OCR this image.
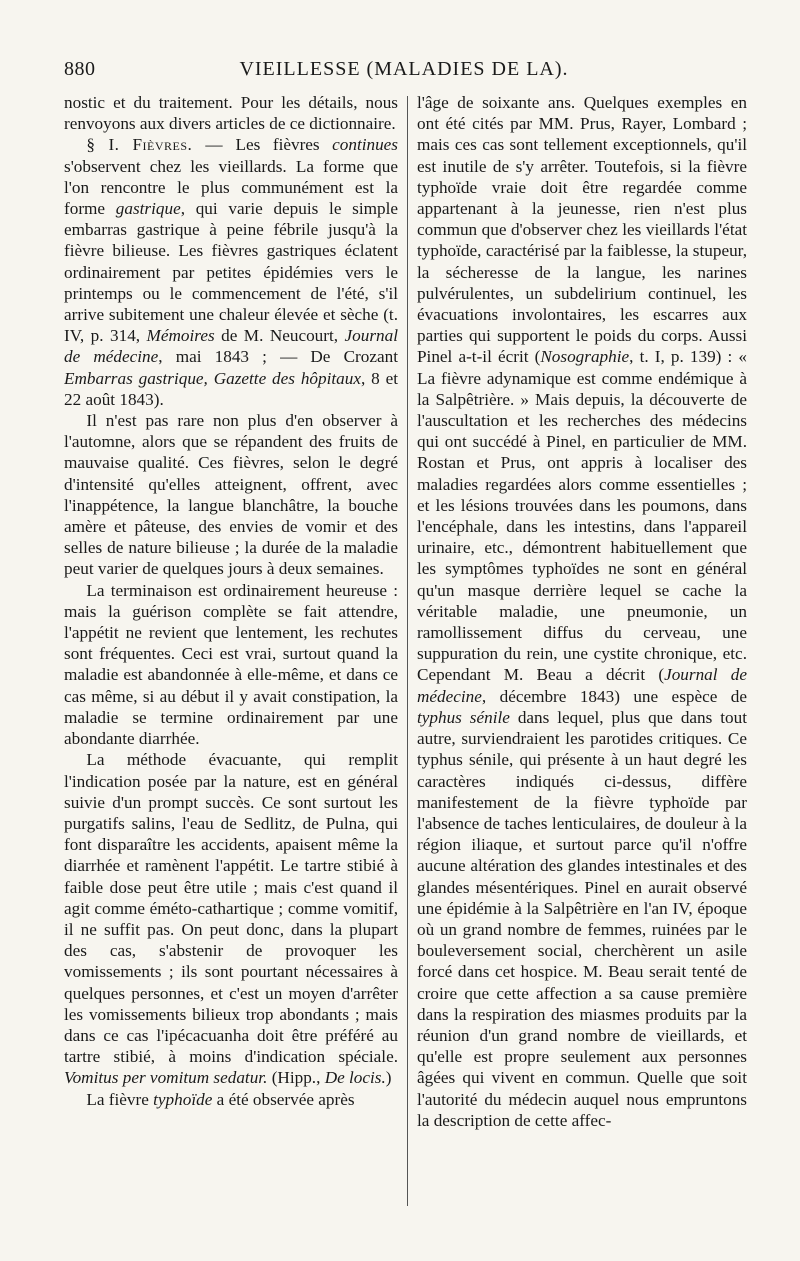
880	VIEILLESSE (MALADIES DE LA).

nostic et du traitement. Pour les détails, nous renvoyons aux divers articles de ce dictionnaire.

§ I. Fièvres. — Les fièvres continues s'observent chez les vieillards. La forme que l'on rencontre le plus communément est la forme gastrique, qui varie depuis le simple embarras gastrique à peine fébrile jusqu'à la fièvre bilieuse. Les fièvres gastriques éclatent ordinairement par petites épidémies vers le printemps ou le commencement de l'été, s'il arrive subitement une chaleur élevée et sèche (t. IV, p. 314, Mémoires de M. Neucourt, Journal de médecine, mai 1843 ; — De Crozant Embarras gastrique, Gazette des hôpitaux, 8 et 22 août 1843).

Il n'est pas rare non plus d'en observer à l'automne, alors que se répandent des fruits de mauvaise qualité. Ces fièvres, selon le degré d'intensité qu'elles atteignent, offrent, avec l'inappétence, la langue blanchâtre, la bouche amère et pâteuse, des envies de vomir et des selles de nature bilieuse ; la durée de la maladie peut varier de quelques jours à deux semaines.

La terminaison est ordinairement heureuse : mais la guérison complète se fait attendre, l'appétit ne revient que lentement, les rechutes sont fréquentes. Ceci est vrai, surtout quand la maladie est abandonnée à elle-même, et dans ce cas même, si au début il y avait constipation, la maladie se termine ordinairement par une abondante diarrhée.

La méthode évacuante, qui remplit l'indication posée par la nature, est en général suivie d'un prompt succès. Ce sont surtout les purgatifs salins, l'eau de Sedlitz, de Pulna, qui font disparaître les accidents, apaisent même la diarrhée et ramènent l'appétit. Le tartre stibié à faible dose peut être utile ; mais c'est quand il agit comme éméto-cathartique ; comme vomitif, il ne suffit pas. On peut donc, dans la plupart des cas, s'abstenir de provoquer les vomissements ; ils sont pourtant nécessaires à quelques personnes, et c'est un moyen d'arrêter les vomissements bilieux trop abondants ; mais dans ce cas l'ipécacuanha doit être préféré au tartre stibié, à moins d'indication spéciale. Vomitus per vomitum sedatur. (Hipp., De locis.)

La fièvre typhoïde a été observée après

l'âge de soixante ans. Quelques exemples en ont été cités par MM. Prus, Rayer, Lombard ; mais ces cas sont tellement exceptionnels, qu'il est inutile de s'y arrêter. Toutefois, si la fièvre typhoïde vraie doit être regardée comme appartenant à la jeunesse, rien n'est plus commun que d'observer chez les vieillards l'état typhoïde, caractérisé par la faiblesse, la stupeur, la sécheresse de la langue, les narines pulvérulentes, un subdelirium continuel, les évacuations involontaires, les escarres aux parties qui supportent le poids du corps. Aussi Pinel a-t-il écrit (Nosographie, t. I, p. 139) : « La fièvre adynamique est comme endémique à la Salpêtrière. » Mais depuis, la découverte de l'auscultation et les recherches des médecins qui ont succédé à Pinel, en particulier de MM. Rostan et Prus, ont appris à localiser des maladies regardées alors comme essentielles ; et les lésions trouvées dans les poumons, dans l'encéphale, dans les intestins, dans l'appareil urinaire, etc., démontrent habituellement que les symptômes typhoïdes ne sont en général qu'un masque derrière lequel se cache la véritable maladie, une pneumonie, un ramollissement diffus du cerveau, une suppuration du rein, une cystite chronique, etc. Cependant M. Beau a décrit (Journal de médecine, décembre 1843) une espèce de typhus sénile dans lequel, plus que dans tout autre, surviendraient les parotides critiques. Ce typhus sénile, qui présente à un haut degré les caractères indiqués ci-dessus, diffère manifestement de la fièvre typhoïde par l'absence de taches lenticulaires, de douleur à la région iliaque, et surtout parce qu'il n'offre aucune altération des glandes intestinales et des glandes mésentériques. Pinel en aurait observé une épidémie à la Salpêtrière en l'an IV, époque où un grand nombre de femmes, ruinées par le bouleversement social, cherchèrent un asile forcé dans cet hospice. M. Beau serait tenté de croire que cette affection a sa cause première dans la respiration des miasmes produits par la réunion d'un grand nombre de vieillards, et qu'elle est propre seulement aux personnes âgées qui vivent en commun. Quelle que soit l'autorité du médecin auquel nous empruntons la description de cette affec-
